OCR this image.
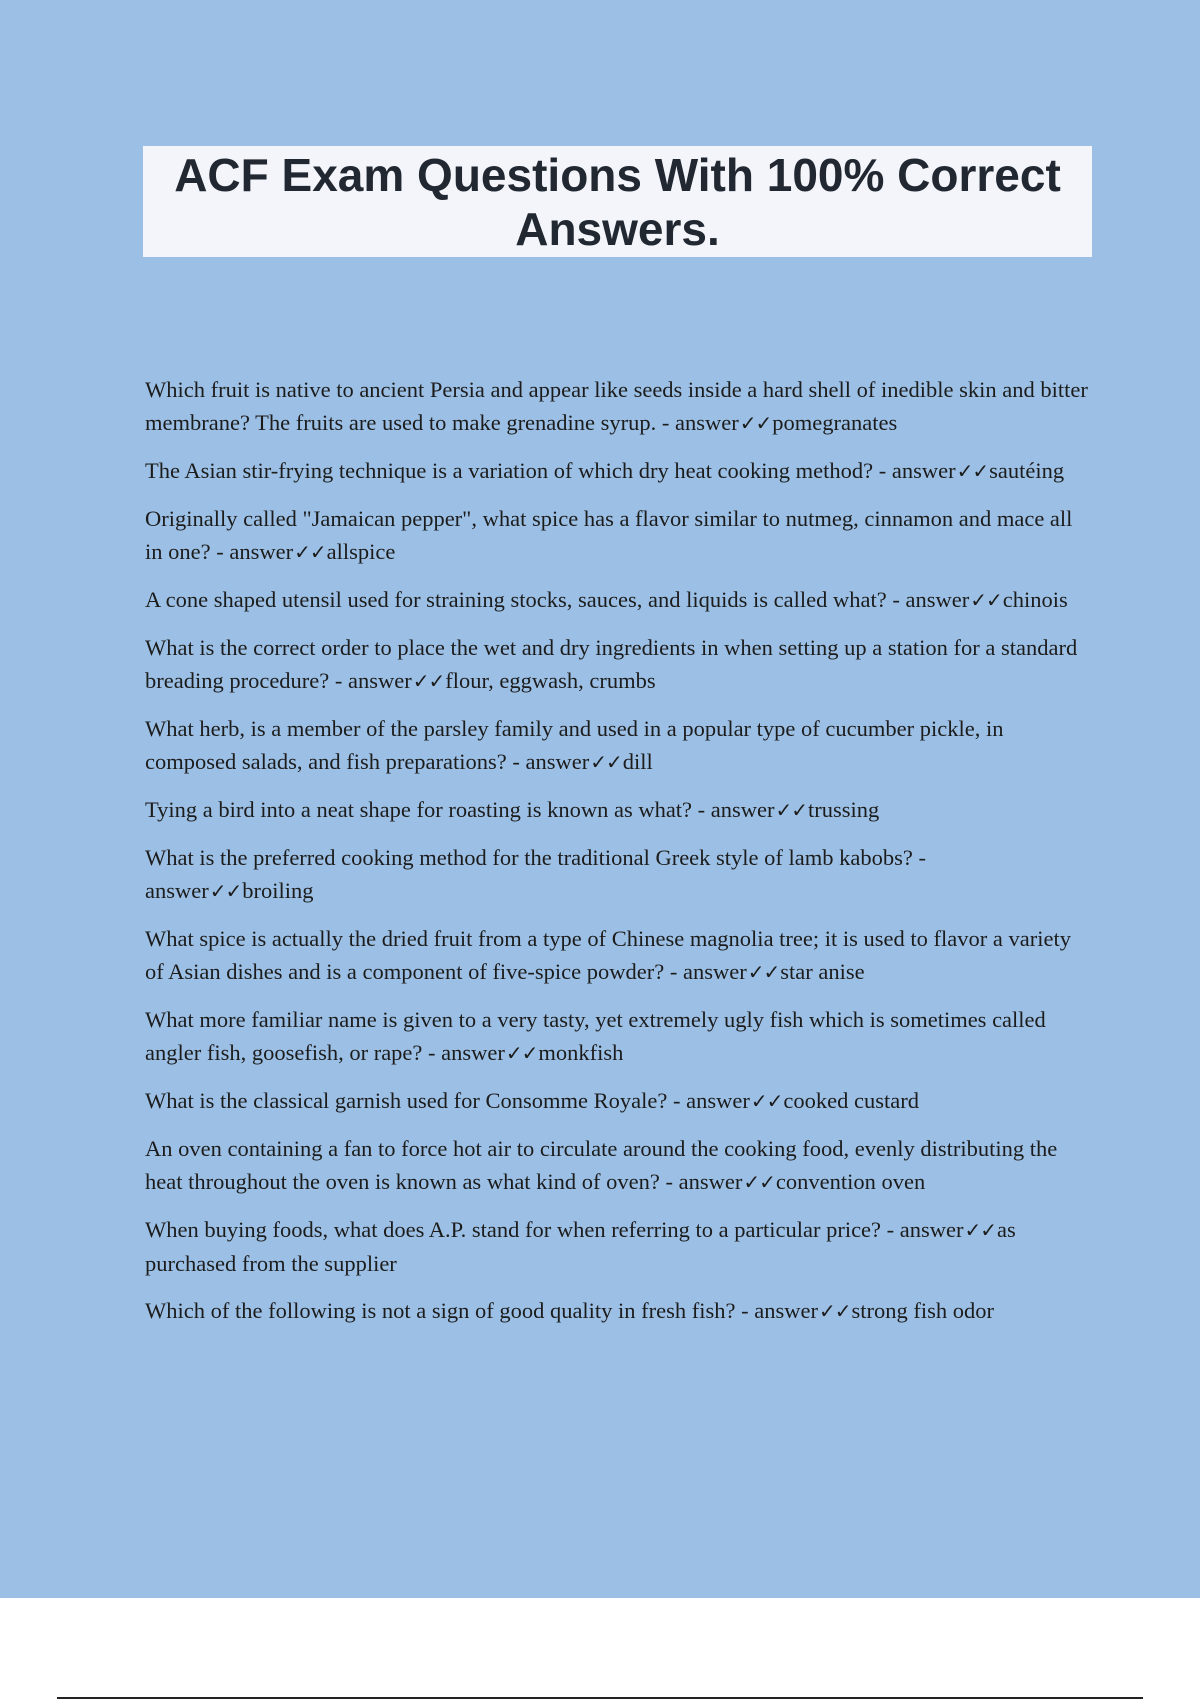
ACF Exam Questions With 100% Correct Answers.

Which fruit is native to ancient Persia and appear like seeds inside a hard shell of inedible skin and bitter membrane? The fruits are used to make grenadine syrup. - answer✓✓pomegranates

The Asian stir-frying technique is a variation of which dry heat cooking method? - answer✓✓sautéing

Originally called "Jamaican pepper", what spice has a flavor similar to nutmeg, cinnamon and mace all in one? - answer✓✓allspice

A cone shaped utensil used for straining stocks, sauces, and liquids is called what? - answer✓✓chinois

What is the correct order to place the wet and dry ingredients in when setting up a station for a standard breading procedure? - answer✓✓flour, eggwash, crumbs

What herb, is a member of the parsley family and used in a popular type of cucumber pickle, in composed salads, and fish preparations? - answer✓✓dill

Tying a bird into a neat shape for roasting is known as what? - answer✓✓trussing

What is the preferred cooking method for the traditional Greek style of lamb kabobs? - answer✓✓broiling

What spice is actually the dried fruit from a type of Chinese magnolia tree; it is used to flavor a variety of Asian dishes and is a component of five-spice powder? - answer✓✓star anise

What more familiar name is given to a very tasty, yet extremely ugly fish which is sometimes called angler fish, goosefish, or rape? - answer✓✓monkfish

What is the classical garnish used for Consomme Royale? - answer✓✓cooked custard

An oven containing a fan to force hot air to circulate around the cooking food, evenly distributing the heat throughout the oven is known as what kind of oven? - answer✓✓convention oven

When buying foods, what does A.P. stand for when referring to a particular price? - answer✓✓as purchased from the supplier

Which of the following is not a sign of good quality in fresh fish? - answer✓✓strong fish odor
